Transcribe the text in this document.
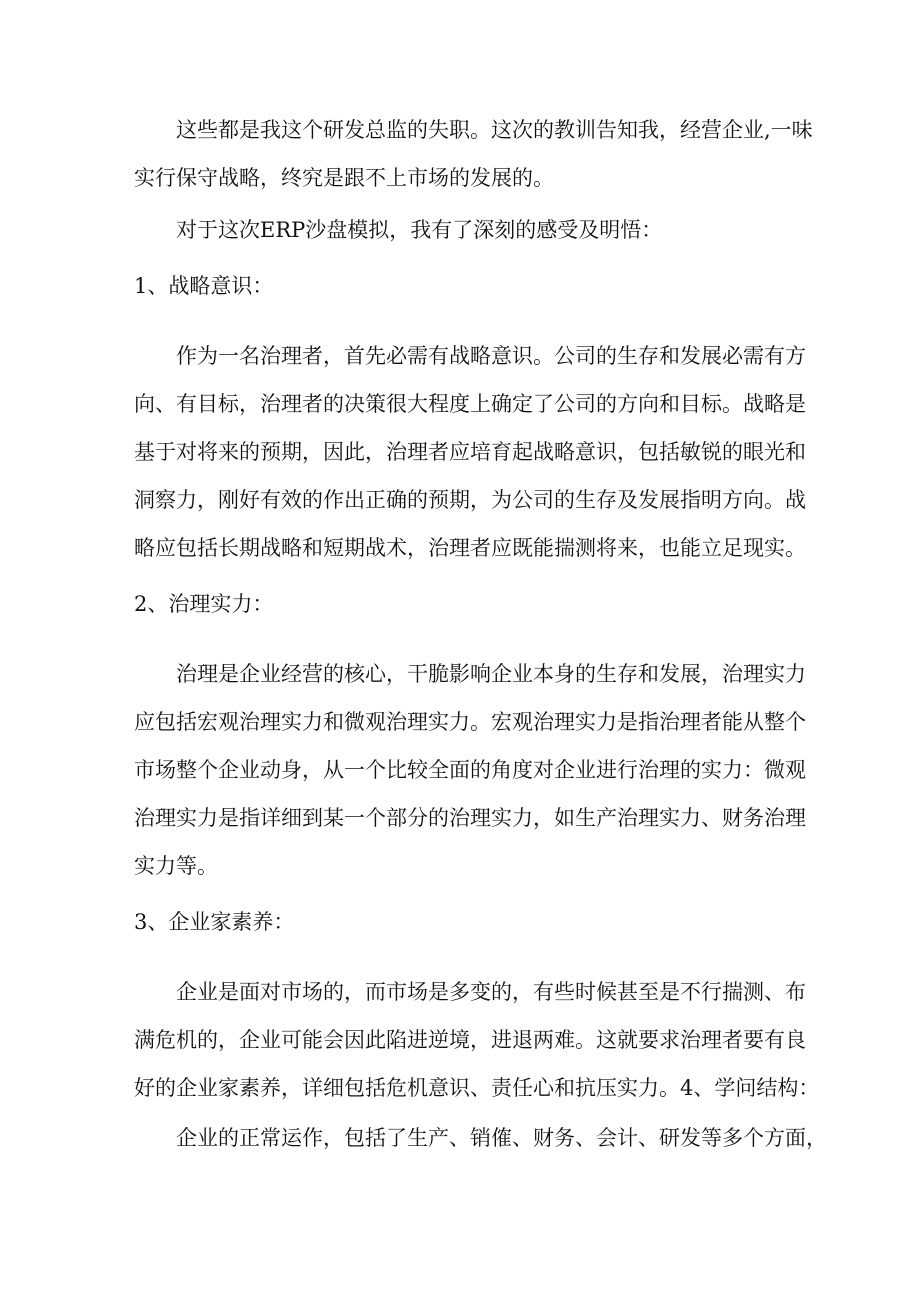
这些都是我这个研发总监的失职。这次的教训告知我，经营企业,一味
实行保守战略，终究是跟不上市场的发展的。
对于这次ERP沙盘模拟，我有了深刻的感受及明悟：
1、战略意识：
作为一名治理者，首先必需有战略意识。公司的生存和发展必需有方
向、有目标，治理者的决策很大程度上确定了公司的方向和目标。战略是
基于对将来的预期，因此，治理者应培育起战略意识，包括敏锐的眼光和
洞察力，刚好有效的作出正确的预期，为公司的生存及发展指明方向。战
略应包括长期战略和短期战术，治理者应既能揣测将来，也能立足现实。
2、治理实力：
治理是企业经营的核心，干脆影响企业本身的生存和发展，治理实力
应包括宏观治理实力和微观治理实力。宏观治理实力是指治理者能从整个
市场整个企业动身，从一个比较全面的角度对企业进行治理的实力：微观
治理实力是指详细到某一个部分的治理实力，如生产治理实力、财务治理
实力等。
3、企业家素养：
企业是面对市场的，而市场是多变的，有些时候甚至是不行揣测、布
满危机的，企业可能会因此陷进逆境，进退两难。这就要求治理者要有良
好的企业家素养，详细包括危机意识、责任心和抗压实力。4、学问结构：
企业的正常运作，包括了生产、销傕、财务、会计、研发等多个方面，
